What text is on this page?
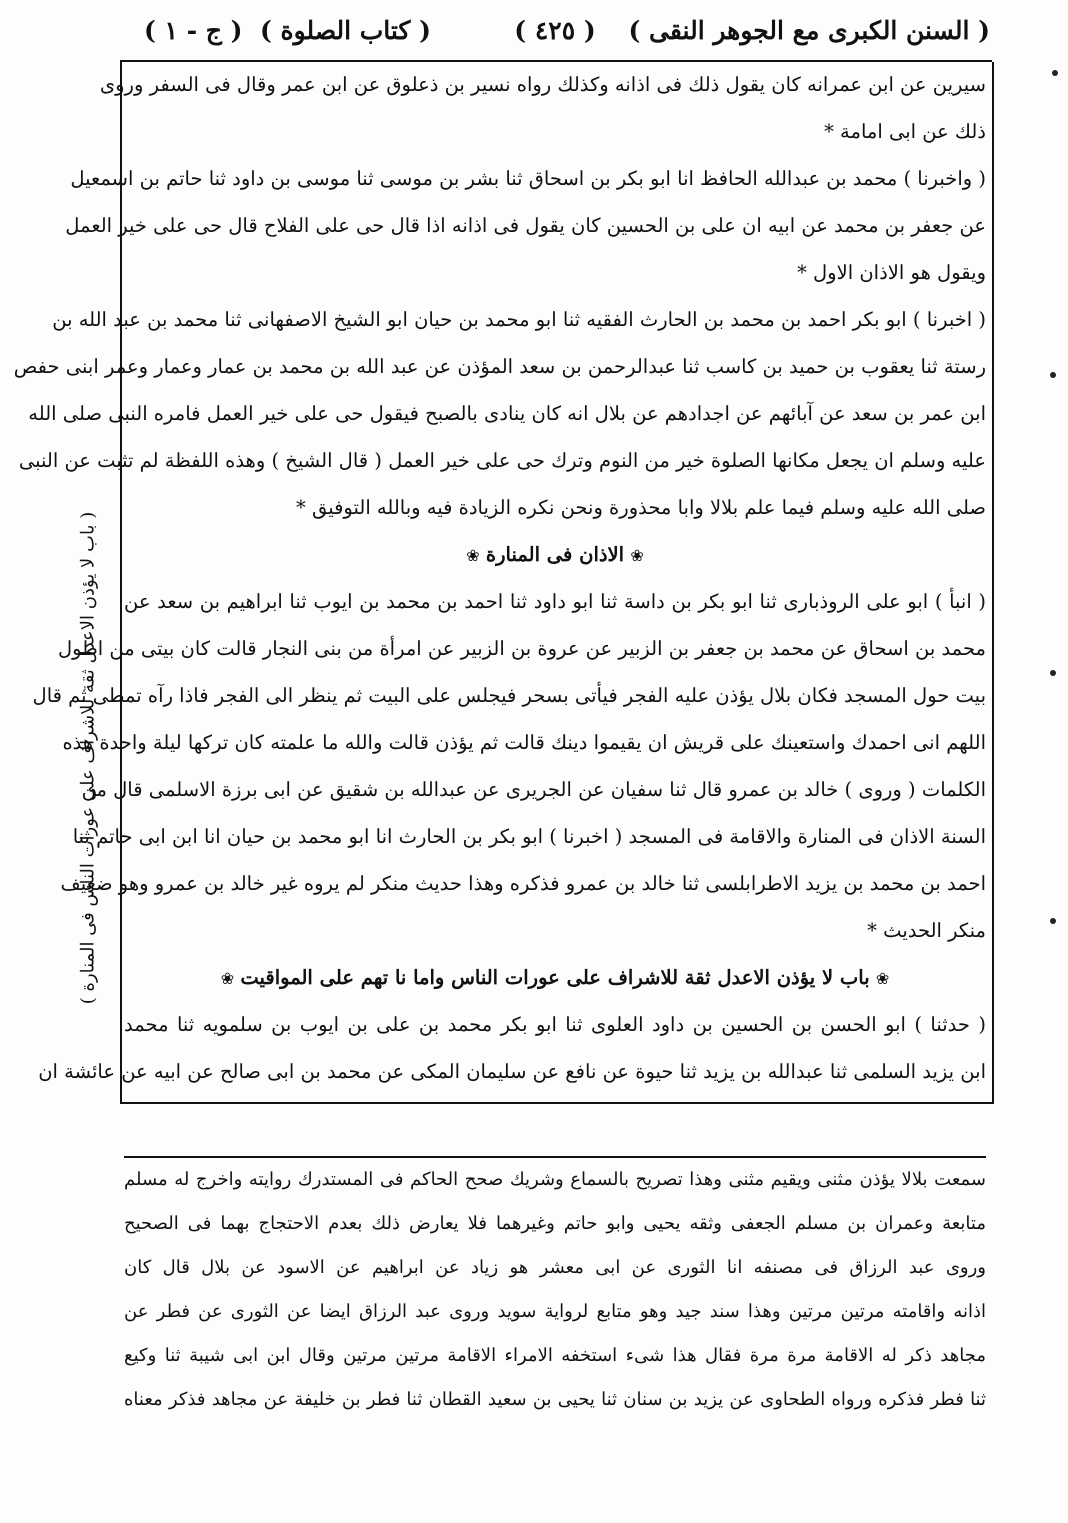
( السنن الكبرى مع الجوهر النقى )
( ٤٢٥ )
( كتاب الصلوة )
( ج - ١ )
سيرين عن ابن عمرانه كان يقول ذلك فى اذانه وكذلك رواه نسير بن ذعلوق عن ابن عمر وقال فى السفر وروى
ذلك عن ابى امامة *
( واخبرنا ) محمد بن عبدالله الحافظ انا ابو بكر بن اسحاق ثنا بشر بن موسى ثنا موسى بن داود ثنا حاتم بن اسمعيل
عن جعفر بن محمد عن ابيه ان على بن الحسين كان يقول فى اذانه اذا قال حى على الفلاح قال حى على خير العمل
ويقول هو الاذان الاول *
( اخبرنا ) ابو بكر احمد بن محمد بن الحارث الفقيه ثنا ابو محمد بن حيان ابو الشيخ الاصفهانى ثنا محمد بن عبد الله بن
رستة ثنا يعقوب بن حميد بن كاسب ثنا عبدالرحمن بن سعد المؤذن عن عبد الله بن محمد بن عمار وعمار وعمر ابنى حفص
ابن عمر بن سعد عن آبائهم عن اجدادهم عن بلال انه كان ينادى بالصبح فيقول حى على خير العمل فامره النبى صلى الله
عليه وسلم ان يجعل مكانها الصلوة خير من النوم وترك حى على خير العمل ( قال الشيخ ) وهذه اللفظة لم تثبت عن النبى
صلى الله عليه وسلم فيما علم بلالا وابا محذورة ونحن نكره الزيادة فيه وبالله التوفيق *
❀ الاذان فى المنارة ❀
( انبأ ) ابو على الروذبارى ثنا ابو بكر بن داسة ثنا ابو داود ثنا احمد بن محمد بن ايوب ثنا ابراهيم بن سعد عن
محمد بن اسحاق عن محمد بن جعفر بن الزبير عن عروة بن الزبير عن امرأة من بنى النجار قالت كان بيتى من اطول
بيت حول المسجد فكان بلال يؤذن عليه الفجر فيأتى بسحر فيجلس على البيت ثم ينظر الى الفجر فاذا رآه تمطى ثم قال
اللهم انى احمدك واستعينك على قريش ان يقيموا دينك قالت ثم يؤذن قالت والله ما علمته كان تركها ليلة واحدة هذه
الكلمات ( وروى ) خالد بن عمرو قال ثنا سفيان عن الجريرى عن عبدالله بن شقيق عن ابى برزة الاسلمى قال من
السنة الاذان فى المنارة والاقامة فى المسجد ( اخبرنا ) ابو بكر بن الحارث انا ابو محمد بن حيان انا ابن ابى حاتم ثنا
احمد بن محمد بن يزيد الاطرابلسى ثنا خالد بن عمرو فذكره وهذا حديث منكر لم يروه غير خالد بن عمرو وهو ضعيف
منكر الحديث *
❀ باب لا يؤذن الاعدل ثقة للاشراف على عورات الناس واما نا تهم على المواقيت ❀
( حدثنا ) ابو الحسن بن الحسين بن داود العلوى ثنا ابو بكر محمد بن على بن ايوب بن سلمويه ثنا محمد
ابن يزيد السلمى ثنا عبدالله بن يزيد ثنا حيوة عن نافع عن سليمان المكى عن محمد بن ابى صالح عن ابيه عن عائشة ان
( باب لا يؤذن الاعدل ثقة للاشراف على عورات الناس فى المنارة )
سمعت بلالا يؤذن مثنى ويقيم مثنى وهذا تصريح بالسماع وشريك صحح الحاكم فى المستدرك روايته واخرج له مسلم
متابعة وعمران بن مسلم الجعفى وثقه يحيى وابو حاتم وغيرهما فلا يعارض ذلك بعدم الاحتجاج بهما فى الصحيح
وروى عبد الرزاق فى مصنفه انا الثورى عن ابى معشر هو زياد عن ابراهيم عن الاسود عن بلال قال كان
اذانه واقامته مرتين مرتين وهذا سند جيد وهو متابع لرواية سويد وروى عبد الرزاق ايضا عن الثورى عن فطر عن
مجاهد ذكر له الاقامة مرة مرة فقال هذا شىء استخفه الامراء الاقامة مرتين مرتين وقال ابن ابى شيبة ثنا وكيع
ثنا فطر فذكره ورواه الطحاوى عن يزيد بن سنان ثنا يحيى بن سعيد القطان ثنا فطر بن خليفة عن مجاهد فذكر معناه
